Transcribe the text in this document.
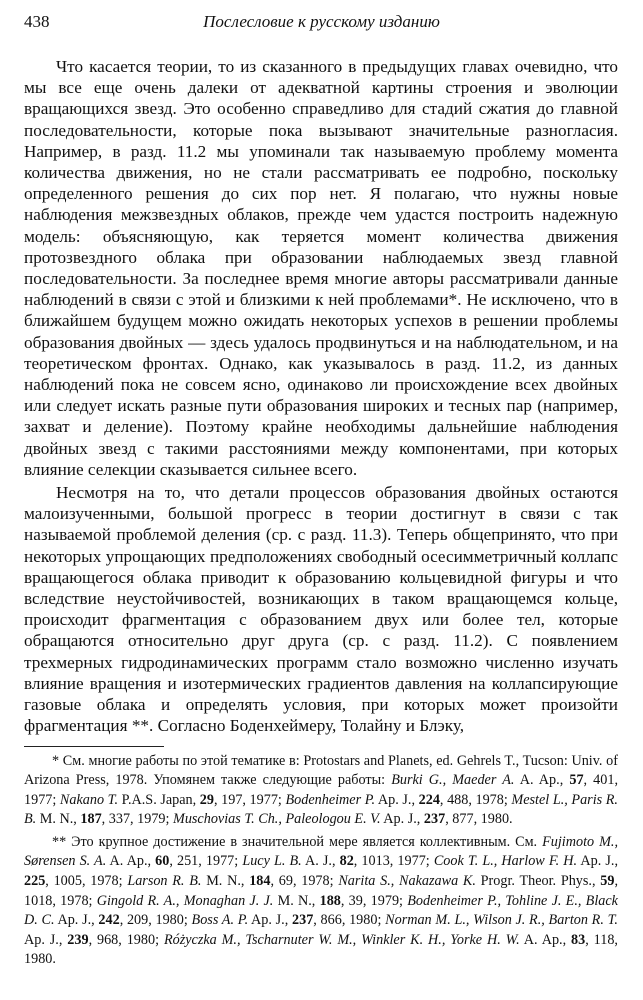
438	Послесловие к русскому изданию

Что касается теории, то из сказанного в предыдущих главах очевидно, что мы все еще очень далеки от адекватной картины строения и эволюции вращающихся звезд. Это особенно справедливо для стадий сжатия до главной последовательности, которые пока вызывают значительные разногласия. Например, в разд. 11.2 мы упоминали так называемую проблему момента количества движения, но не стали рассматривать ее подробно, поскольку определенного решения до сих пор нет. Я полагаю, что нужны новые наблюдения межзвездных облаков, прежде чем удастся построить надежную модель: объясняющую, как теряется момент количества движения протозвездного облака при образовании наблюдаемых звезд главной последовательности. За последнее время многие авторы рассматривали данные наблюдений в связи с этой и близкими к ней проблемами*. Не исключено, что в ближайшем будущем можно ожидать некоторых успехов в решении проблемы образования двойных — здесь удалось продвинуться и на наблюдательном, и на теоретическом фронтах. Однако, как указывалось в разд. 11.2, из данных наблюдений пока не совсем ясно, одинаково ли происхождение всех двойных или следует искать разные пути образования широких и тесных пар (например, захват и деление). Поэтому крайне необходимы дальнейшие наблюдения двойных звезд с такими расстояниями между компонентами, при которых влияние селекции сказывается сильнее всего.

Несмотря на то, что детали процессов образования двойных остаются малоизученными, большой прогресс в теории достигнут в связи с так называемой проблемой деления (ср. с разд. 11.3). Теперь общепринято, что при некоторых упрощающих предположениях свободный осесимметричный коллапс вращающегося облака приводит к образованию кольцевидной фигуры и что вследствие неустойчивостей, возникающих в таком вращающемся кольце, происходит фрагментация с образованием двух или более тел, которые обращаются относительно друг друга (ср. с разд. 11.2). С появлением трехмерных гидродинамических программ стало возможно численно изучать влияние вращения и изотермических градиентов давления на коллапсирующие газовые облака и определять условия, при которых может произойти фрагментация **. Согласно Боденхеймеру, Толайну и Блэку,

* См. многие работы по этой тематике в: Protostars and Planets, ed. Gehrels T., Tucson: Univ. of Arizona Press, 1978. Упомянем также следующие работы: Burki G., Maeder A. A. Ap., 57, 401, 1977; Nakano T. P.A.S. Japan, 29, 197, 1977; Bodenheimer P. Ap. J., 224, 488, 1978; Mestel L., Paris R. B. M. N., 187, 337, 1979; Muschovias T. Ch., Paleologou E. V. Ap. J., 237, 877, 1980.

** Это крупное достижение в значительной мере является коллективным. См. Fujimoto M., Sørensen S. A. A. Ap., 60, 251, 1977; Lucy L. B. A. J., 82, 1013, 1977; Cook T. L., Harlow F. H. Ap. J., 225, 1005, 1978; Larson R. B. M. N., 184, 69, 1978; Narita S., Nakazawa K. Progr. Theor. Phys., 59, 1018, 1978; Gingold R. A., Monaghan J. J. M. N., 188, 39, 1979; Bodenheimer P., Tohline J. E., Black D. C. Ap. J., 242, 209, 1980; Boss A. P. Ap. J., 237, 866, 1980; Norman M. L., Wilson J. R., Barton R. T. Ap. J., 239, 968, 1980; Różyczka M., Tscharnuter W. M., Winkler K. H., Yorke H. W. A. Ap., 83, 118, 1980.
